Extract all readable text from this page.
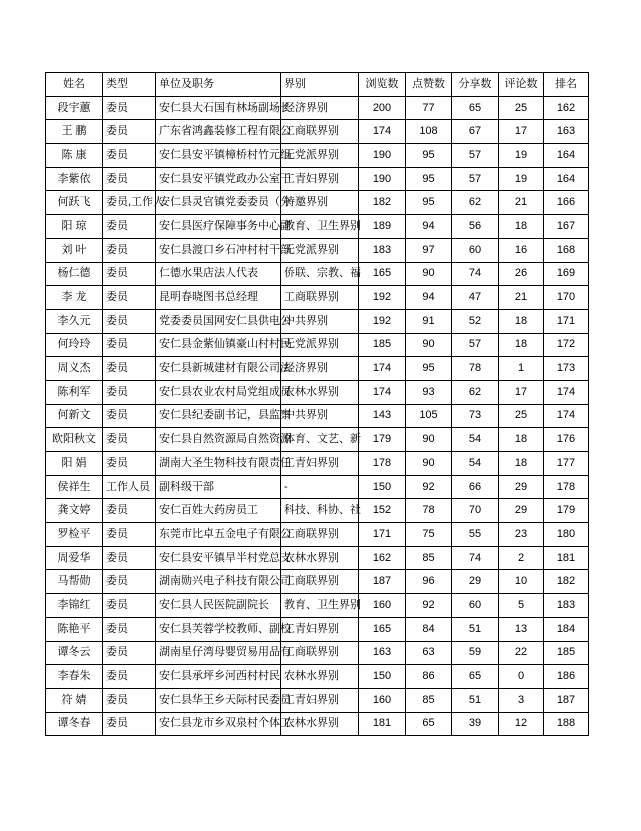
姓名	类型	单位及职务	界别	浏览数	点赞数	分享数	评论数	排名
段宇蕙	委员	安仁县大石国有林场副场长	经济界别	200	77	65	25	162
王 鹏	委员	广东省鸿鑫装修工程有限公	工商联界别	174	108	67	17	163
陈 康	委员	安仁县安平镇樟桥村竹元组	无党派界别	190	95	57	19	164
李紫依	委员	安仁县安平镇党政办公室干	工青妇界别	190	95	57	19	164
何跃飞	委员,工作人	安仁县灵官镇党委委员（分	特邀界别	182	95	62	21	166
阳 琼	委员	安仁县医疗保障事务中心副	教育、卫生界别	189	94	56	18	167
刘 叶	委员	安仁县渡口乡石冲村村干部	无党派界别	183	97	60	16	168
杨仁德	委员	仁德水果店法人代表	侨联、宗教、福	165	90	74	26	169
李 龙	委员	昆明春晓图书总经理	工商联界别	192	94	47	21	170
李久元	委员	党委委员国网安仁县供电公	中共界别	192	91	52	18	171
何玲玲	委员	安仁县金紫仙镇豪山村村民	无党派界别	185	90	57	18	172
周义杰	委员	安仁县新城建材有限公司法	经济界别	174	95	78	1	173
陈利军	委员	安仁县农业农村局党组成员	农林水界别	174	93	62	17	174
何新文	委员	安仁县纪委副书记，县监察	中共界别	143	105	73	25	174
欧阳秋文	委员	安仁县自然资源局自然资源	体育、文艺、新	179	90	54	18	176
阳 娟	委员	湖南大圣生物科技有限责任	工青妇界别	178	90	54	18	177
侯祥生	工作人员	副科级干部	-	150	92	66	29	178
龚文婷	委员	安仁百姓大药房员工	科技、科协、社	152	78	70	29	179
罗检平	委员	东莞市比卓五金电子有限公	工商联界别	171	75	55	23	180
周爱华	委员	安仁县安平镇旱半村党总支	农林水界别	162	85	74	2	181
马帮勋	委员	湖南勋兴电子科技有限公司	工商联界别	187	96	29	10	182
李锦红	委员	安仁县人民医院副院长	教育、卫生界别	160	92	60	5	183
陈艳平	委员	安仁县芙蓉学校教师、副校	工青妇界别	165	84	51	13	184
谭冬云	委员	湖南星仔湾母婴贸易用品有	工商联界别	163	63	59	22	185
李春朱	委员	安仁县承坪乡河西村村民	农林水界别	150	86	65	0	186
符 婧	委员	安仁县华王乡天际村民委员	工青妇界别	160	85	51	3	187
谭冬春	委员	安仁县龙市乡双泉村个体工	农林水界别	181	65	39	12	188
